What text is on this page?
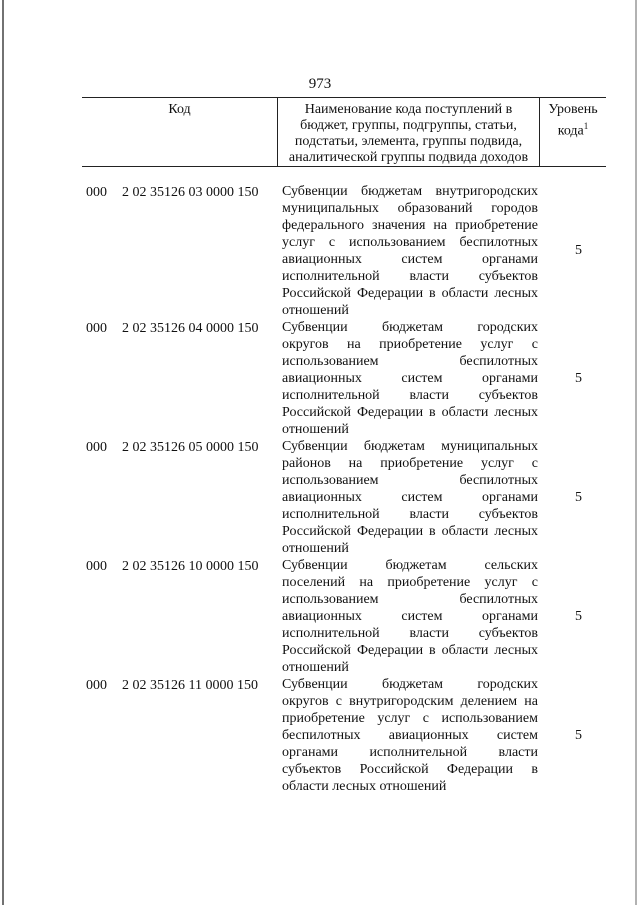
973
Код	Наименование кода поступлений в
бюджет, группы, подгруппы, статьи,
подстатьи, элемента, группы подвида,
аналитической группы подвида доходов
Уровень
кода$^1$
000 2 02 35126 03 0000 150 Субвенции бюджетам внутригородских
муниципальных образований городов
федерального значения на приобретение
услуг с использованием беспилотных
авиационных систем органами
исполнительной власти субъектов
Российской Федерации в области лесных
отношений
5
000 2 02 35126 04 0000 150 Субвенции бюджетам городских
округов на приобретение услуг с
использованием беспилотных
авиационных систем органами
исполнительной власти субъектов
Российской Федерации в области лесных
отношений
5
000 2 02 35126 05 0000 150 Субвенции бюджетам муниципальных
районов на приобретение услуг с
использованием беспилотных
авиационных систем органами
исполнительной власти субъектов
Российской Федерации в области лесных
отношений
5
000 2 02 35126 10 0000 150 Субвенции бюджетам сельских
поселений на приобретение услуг с
использованием беспилотных
авиационных систем органами
исполнительной власти субъектов
Российской Федерации в области лесных
отношений
5
000 2 02 35126 11 0000 150 Субвенции бюджетам городских
округов с внутригородским делением на
приобретение услуг с использованием
беспилотных авиационных систем
органами исполнительной власти
субъектов Российской Федерации в
области лесных отношений
5
